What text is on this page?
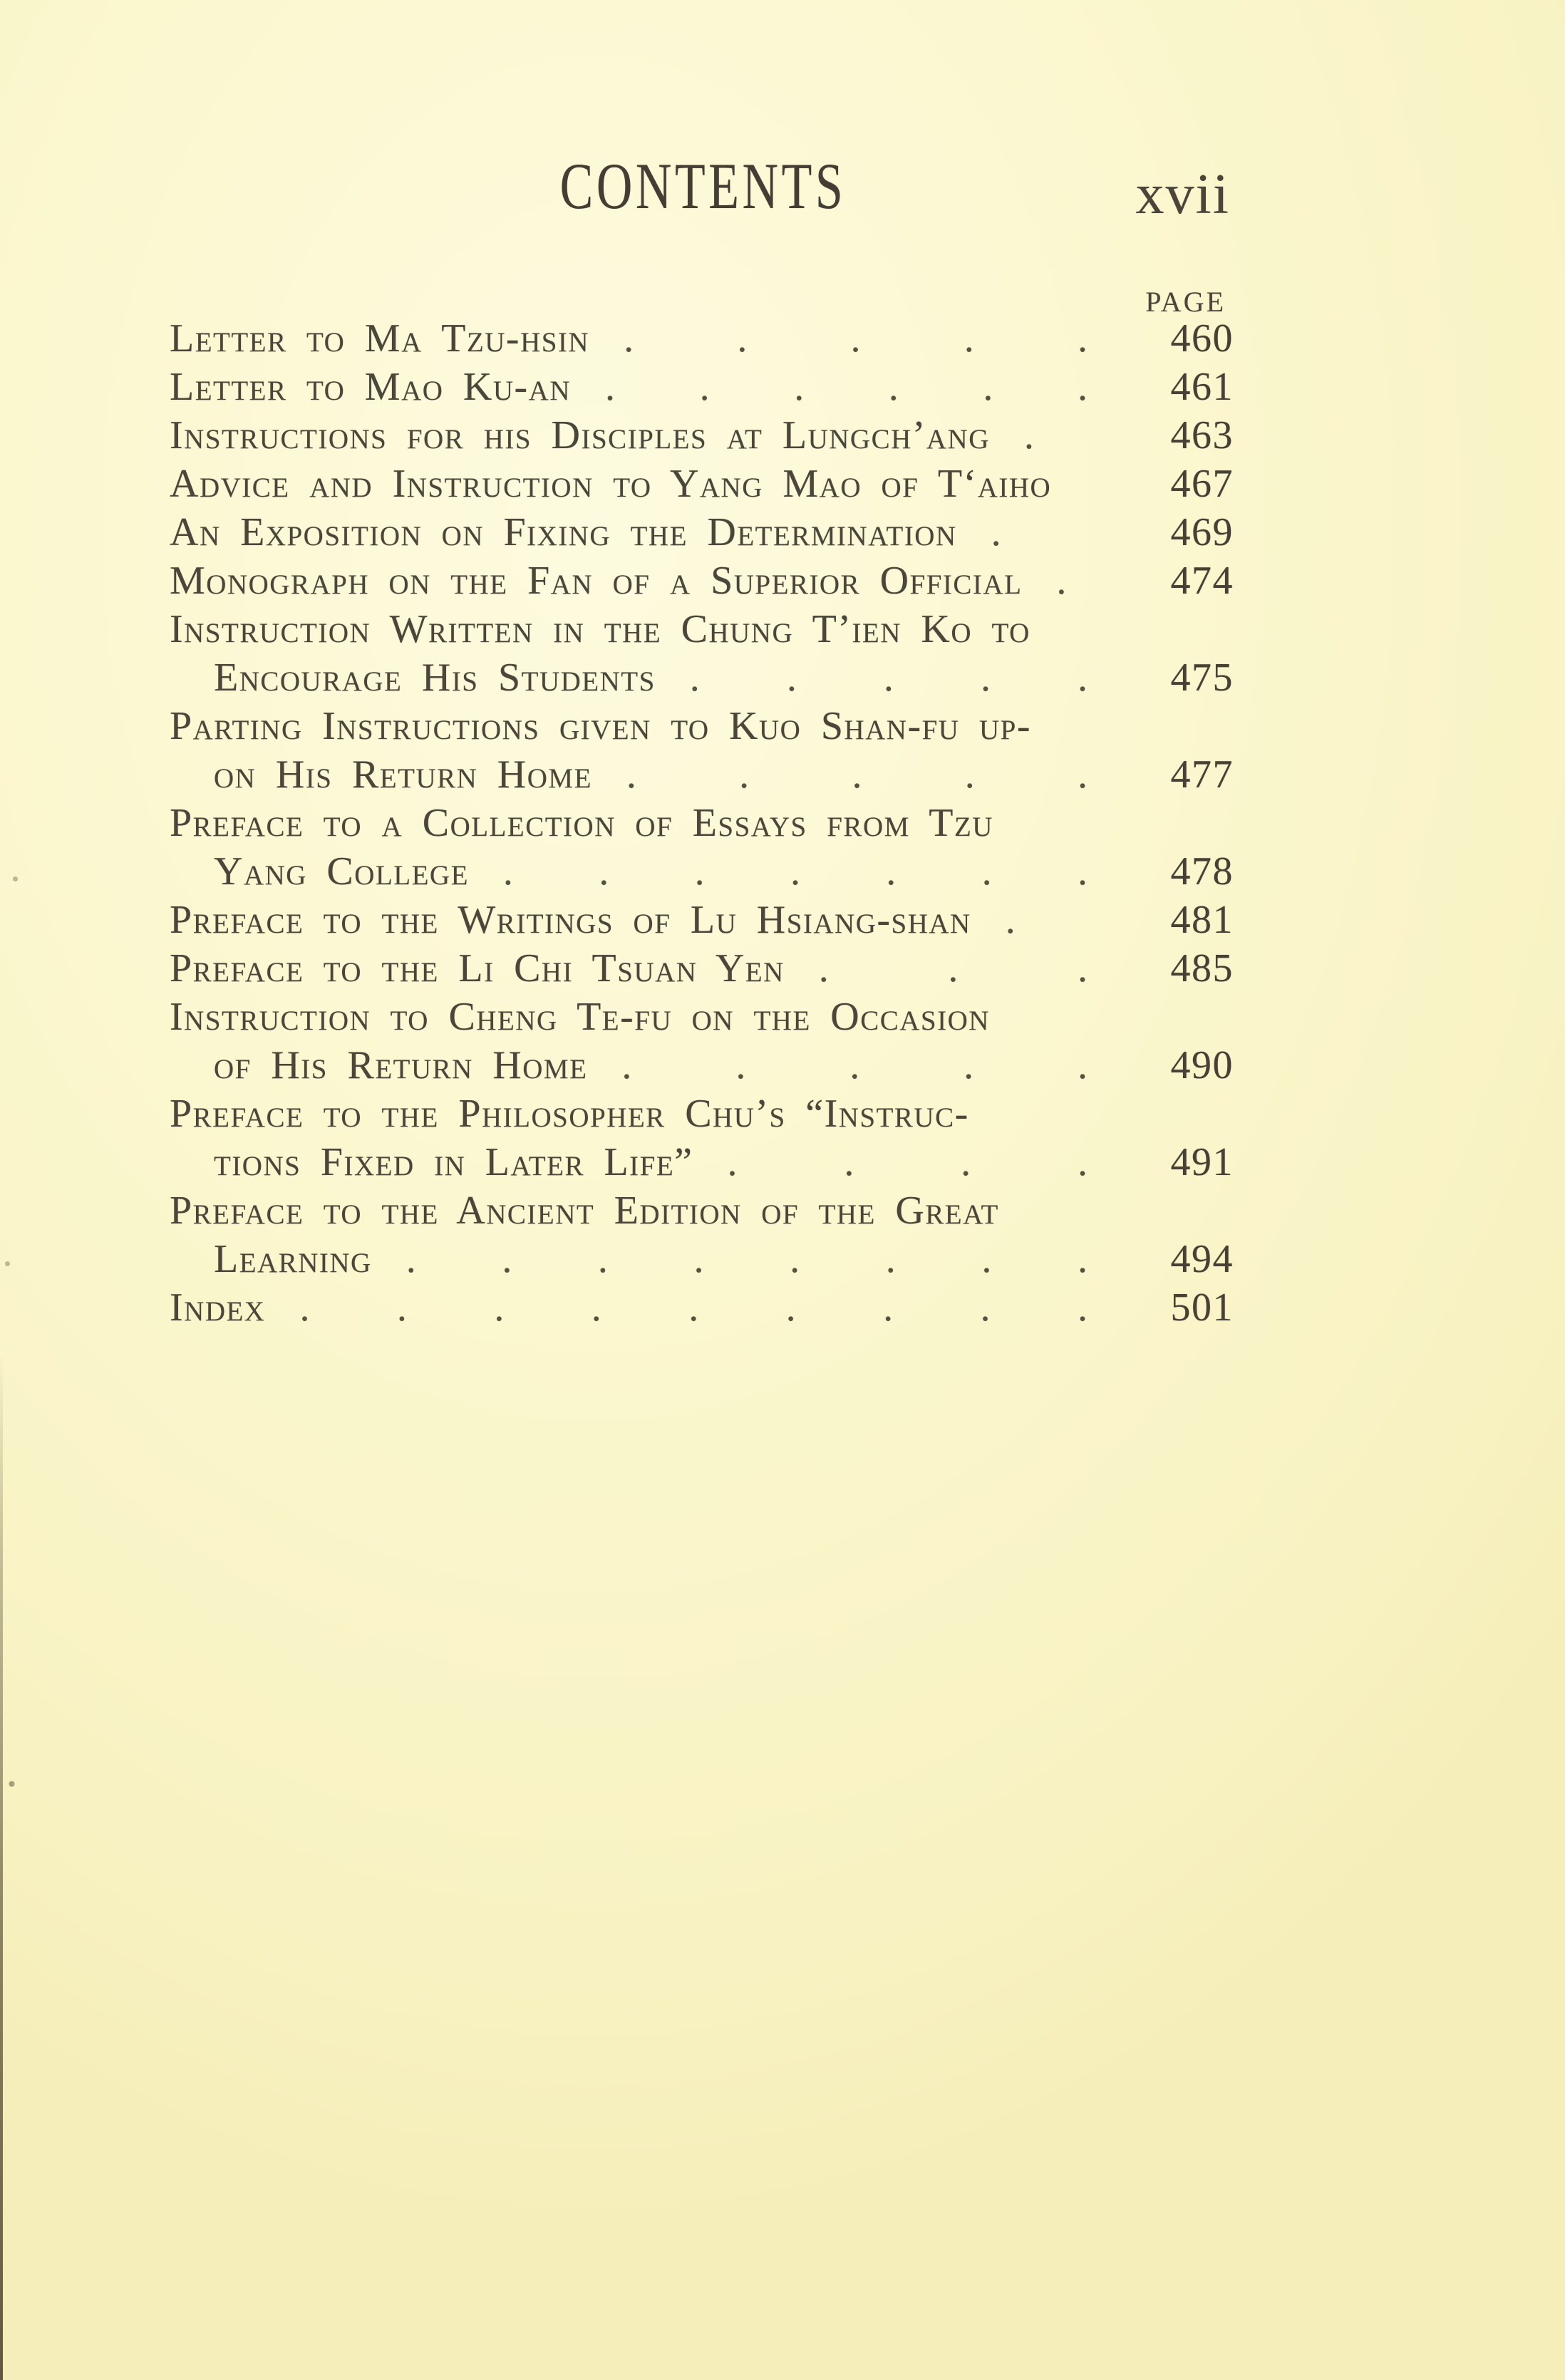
CONTENTS	xvii
PAGE
Letter to Ma Tzu-hsin . . . . .	460
Letter to Mao Ku-an . . . . . .	461
Instructions for his Disciples at Lungch’ang .	463
Advice and Instruction to Yang Mao of T‘aiho	467
An Exposition on Fixing the Determination .	469
Monograph on the Fan of a Superior Official .	474
Instruction Written in the Chung T’ien Ko to
Encourage His Students . . . . .	475
Parting Instructions given to Kuo Shan-fu up-
on His Return Home . . . . .	477
Preface to a Collection of Essays from Tzu
Yang College . . . . . . .	478
Preface to the Writings of Lu Hsiang-shan .	481
Preface to the Li Chi Tsuan Yen . . .	485
Instruction to Cheng Te-fu on the Occasion
of His Return Home . . . . .	490
Preface to the Philosopher Chu’s “Instruc-
tions Fixed in Later Life” . . . .	491
Preface to the Ancient Edition of the Great
Learning . . . . . . . .	494
Index . . . . . . . . .	501
